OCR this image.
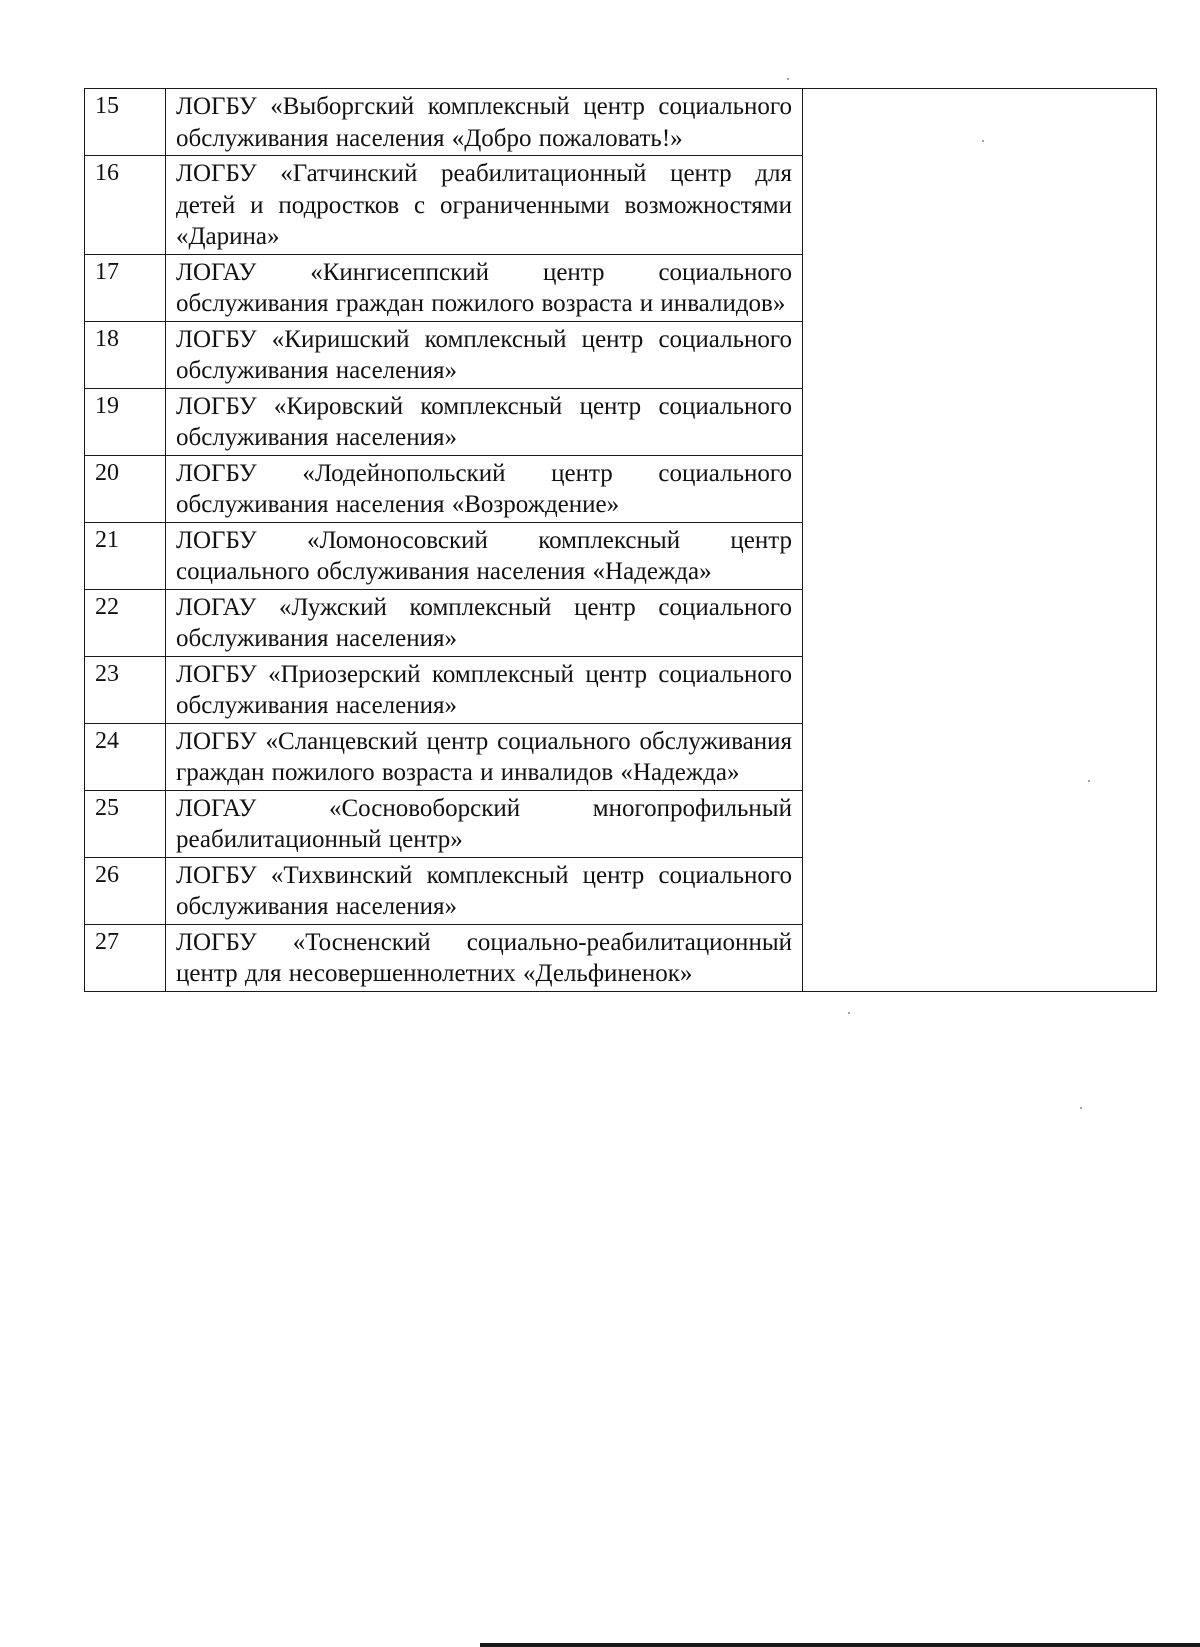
15	ЛОГБУ «Выборгский комплексный центр социального обслуживания населения «Добро пожаловать!»	
16	ЛОГБУ «Гатчинский реабилитационный центр для детей и подростков с ограниченными возможностями «Дарина»	
17	ЛОГАУ «Кингисеппский центр социального обслуживания граждан пожилого возраста и инвалидов»	
18	ЛОГБУ «Киришский комплексный центр социального обслуживания населения»	
19	ЛОГБУ «Кировский комплексный центр социального обслуживания населения»	
20	ЛОГБУ «Лодейнопольский центр социального обслуживания населения «Возрождение»	
21	ЛОГБУ «Ломоносовский комплексный центр социального обслуживания населения «Надежда»	
22	ЛОГАУ «Лужский комплексный центр социального обслуживания населения»	
23	ЛОГБУ «Приозерский комплексный центр социального обслуживания населения»	
24	ЛОГБУ «Сланцевский центр социального обслуживания граждан пожилого возраста и инвалидов «Надежда»	
25	ЛОГАУ «Сосновоборский многопрофильный реабилитационный центр»	
26	ЛОГБУ «Тихвинский комплексный центр социального обслуживания населения»	
27	ЛОГБУ «Тосненский социально-реабилитационный центр для несовершеннолетних «Дельфиненок»	
